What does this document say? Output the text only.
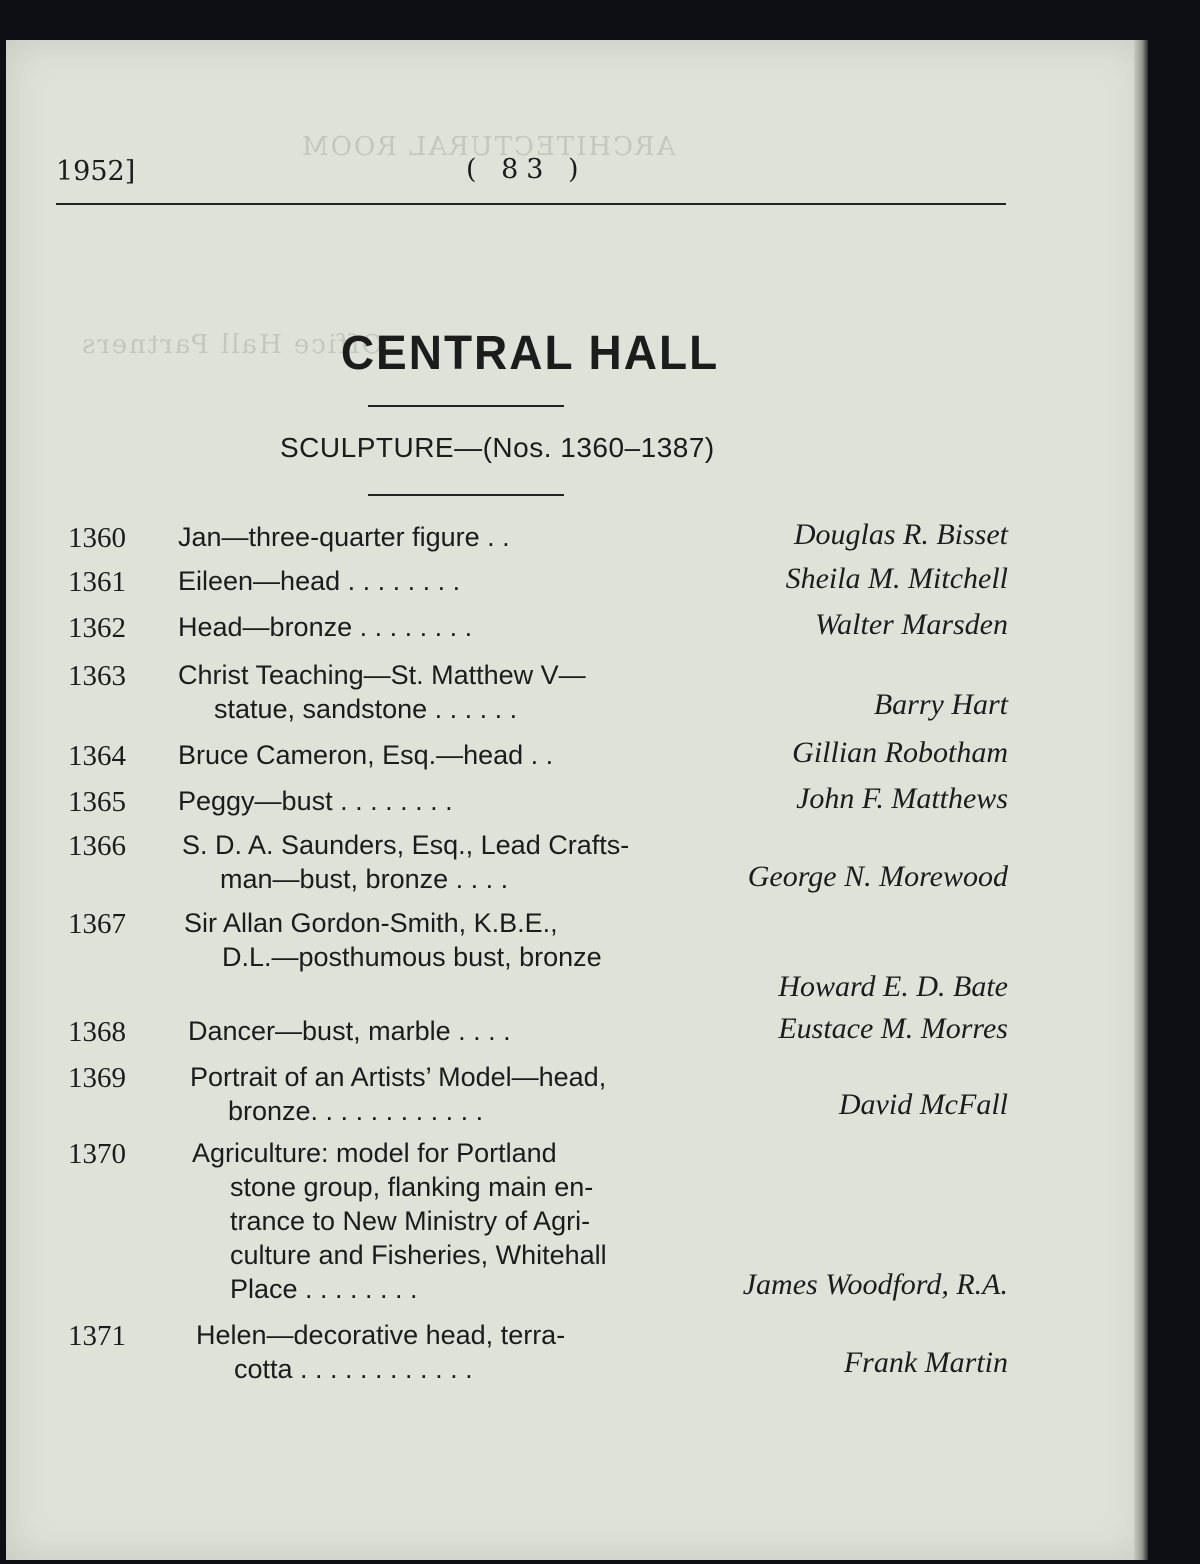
ARCHITECTURAL ROOM
Office Hall Partners
1952]	( 83 )
CENTRAL HALL
SCULPTURE—(Nos. 1360–1387)
1360 Jan—three-quarter figure . .	Douglas R. Bisset
1361 Eileen—head . . . . . . . .	Sheila M. Mitchell
1362 Head—bronze . . . . . . . .	Walter Marsden
1363 Christ Teaching—St. Matthew V—
statue, sandstone . . . . . .	Barry Hart
1364 Bruce Cameron, Esq.—head . .	Gillian Robotham
1365 Peggy—bust . . . . . . . .	John F. Matthews
1366 S. D. A. Saunders, Esq., Lead Crafts-
man—bust, bronze . . . .	George N. Morewood
1367 Sir Allan Gordon-Smith, K.B.E.,
D.L.—posthumous bust, bronze
Howard E. D. Bate
1368 Dancer—bust, marble . . . .	Eustace M. Morres
1369 Portrait of an Artists’ Model—head,
bronze. . . . . . . . . . . .	David McFall
1370 Agriculture: model for Portland
stone group, flanking main en-
trance to New Ministry of Agri-
culture and Fisheries, Whitehall
Place . . . . . . . .	James Woodford, R.A.
1371	Helen—decorative head, terra-
cotta . . . . . . . . . . . .	Frank Martin
